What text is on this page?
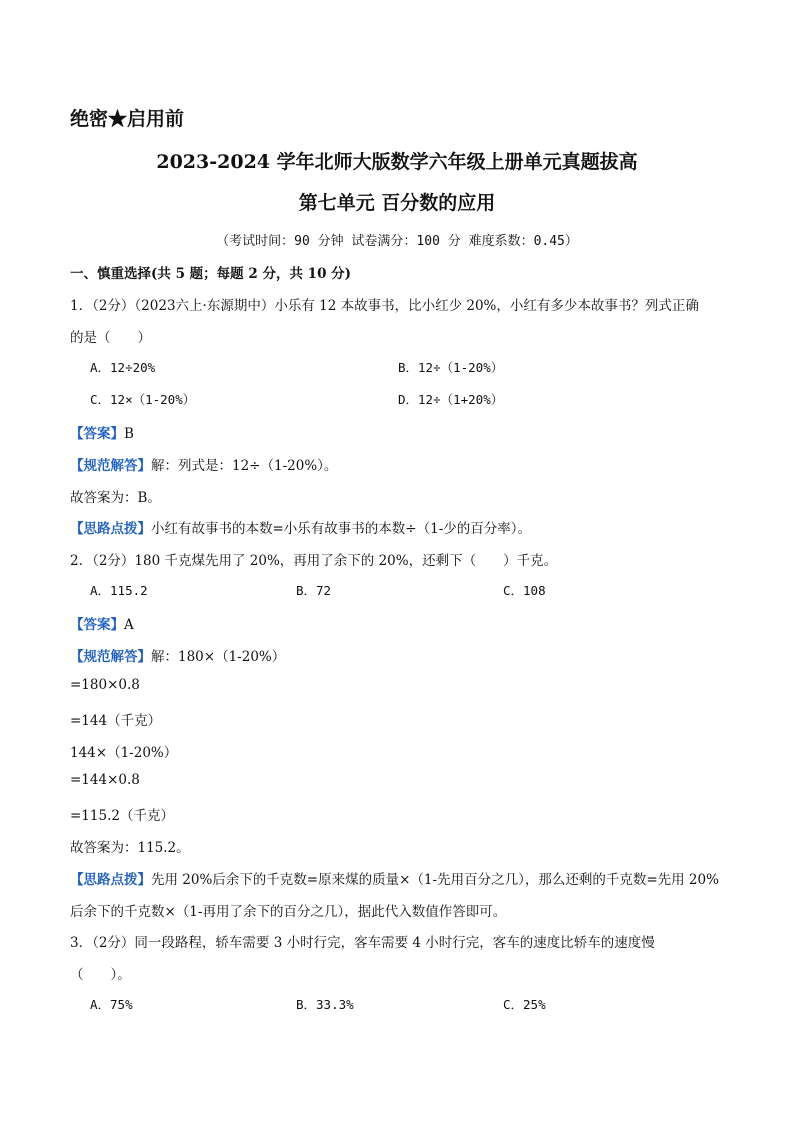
绝密★启用前
2023-2024 学年北师大版数学六年级上册单元真题拔高
第七单元 百分数的应用
（考试时间：90 分钟 试卷满分：100 分 难度系数：0.45）
一、慎重选择(共 5 题；每题 2 分，共 10 分)
1．（2分）（2023六上·东源期中）小乐有 12 本故事书，比小红少 20%，小红有多少本故事书？列式正确
的是（　　）
A．12÷20%	B．12÷（1-20%）
C．12×（1-20%）	D．12÷（1+20%）
【答案】B
【规范解答】解：列式是：12÷（1-20%）。
故答案为：B。
【思路点拨】小红有故事书的本数=小乐有故事书的本数÷（1-少的百分率）。
2．（2分）180 千克煤先用了 20%，再用了余下的 20%，还剩下（　　）千克。
A．115.2	B．72	C．108
【答案】A
【规范解答】解：180×（1-20%）
=180×0.8
=144（千克）
144×（1-20%）
=144×0.8
=115.2（千克）
故答案为：115.2。
【思路点拨】先用 20%后余下的千克数=原来煤的质量×（1-先用百分之几），那么还剩的千克数=先用 20%
后余下的千克数×（1-再用了余下的百分之几），据此代入数值作答即可。
3．（2分）同一段路程，轿车需要 3 小时行完，客车需要 4 小时行完，客车的速度比轿车的速度慢
（　　）。
A．75%	B．33.3%	C．25%
